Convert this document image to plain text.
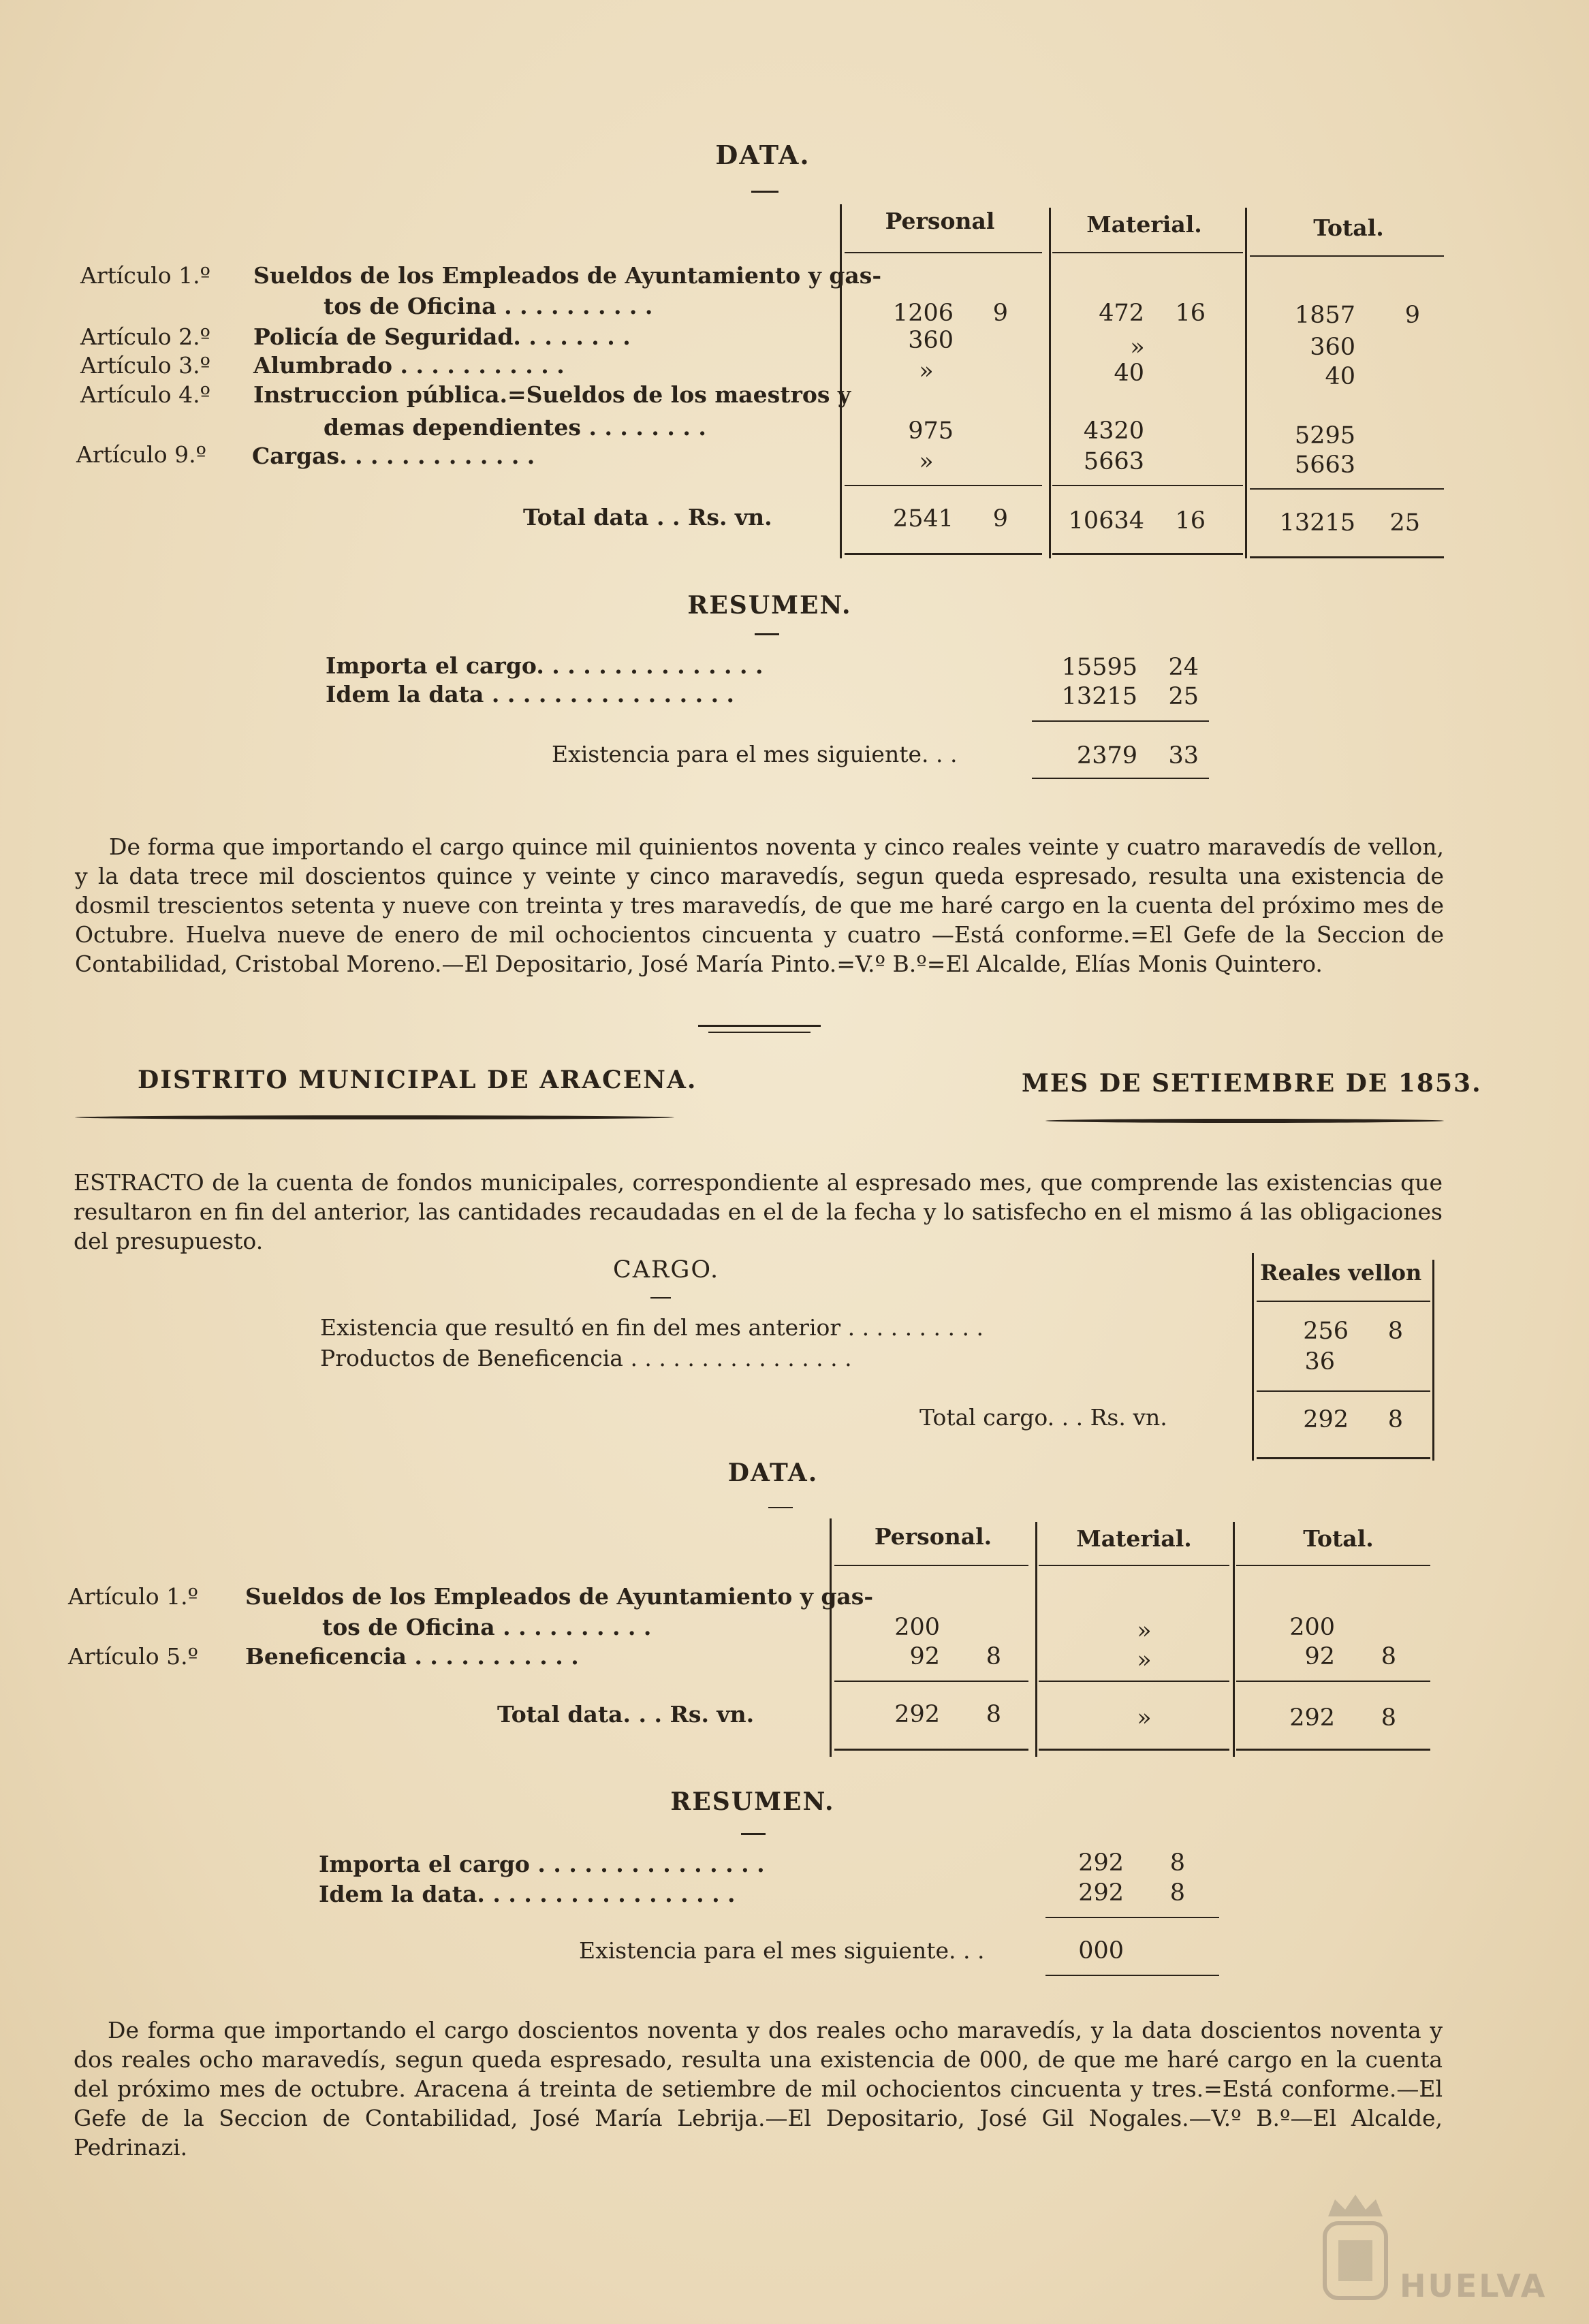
DATA.
Personal	Material.	Total.
Artículo 1.º Sueldos de los Empleados de Ayuntamiento y gas-
tos de Oficina . . . . . . . . . .	1206	9	472	16	1857	9
Artículo 2.º Policía de Seguridad. . . . . . . .	360	»	360
Artículo 3.º Alumbrado . . . . . . . . . . .	»	40	40
Artículo 4.º Instruccion pública.=Sueldos de los maestros y
demas dependientes . . . . . . . .	975	4320	5295
Artículo 9.º Cargas. . . . . . . . . . . . .	»	5663	5663
Total data . . Rs. vn.	2541	9	10634	16	13215 25
RESUMEN.
Importa el cargo. . . . . . . . . . . . . . .	15595	24
Idem la data . . . . . . . . . . . . . . . .	13215	25
Existencia para el mes siguiente. . .	2379	33
De forma que importando el cargo quince mil quinientos noventa y cinco reales veinte y cuatro maravedís de vellon, y la data trece mil doscientos quince y veinte y cinco maravedís, segun queda espresado, resulta una existencia de dosmil trescientos setenta y nueve con treinta y tres maravedís, de que me haré cargo en la cuenta del próximo mes de Octubre. Huelva nueve de enero de mil ochocientos cincuenta y cuatro —Está conforme.=El Gefe de la Seccion de Contabilidad, Cristobal Moreno.—El Depositario, José María Pinto.=V.º B.º=El Alcalde, Elías Monis Quintero.
DISTRITO MUNICIPAL DE ARACENA.	MES DE SETIEMBRE DE 1853.
ESTRACTO de la cuenta de fondos municipales, correspondiente al espresado mes, que comprende las existencias que resultaron en fin del anterior, las cantidades recaudadas en el de la fecha y lo satisfecho en el mismo á las obligaciones del presupuesto.
CARGO.	Reales vellon
Existencia que resultó en fin del mes anterior . . . . . . . . . .	256	8
Productos de Beneficencia . . . . . . . . . . . . . . . .	36
Total cargo. . . Rs. vn.	292	8
DATA.
Personal.	Material.	Total.
Artículo 1.º Sueldos de los Empleados de Ayuntamiento y gas-
tos de Oficina . . . . . . . . . .	200	»	200
Artículo 5.º Beneficencia . . . . . . . . . . .	92	8	»	92	8
Total data. . . Rs. vn.	292	8	»	292	8
RESUMEN.
Importa el cargo . . . . . . . . . . . . . . .	292	8
Idem la data. . . . . . . . . . . . . . . . .	292	8
Existencia para el mes siguiente. . .	000
De forma que importando el cargo doscientos noventa y dos reales ocho maravedís, y la data doscientos noventa y dos reales ocho maravedís, segun queda espresado, resulta una existencia de 000, de que me haré cargo en la cuenta del próximo mes de octubre. Aracena á treinta de setiembre de mil ochocientos cincuenta y tres.=Está conforme.—El Gefe de la Seccion de Contabilidad, José María Lebrija.—El Depositario, José Gil Nogales.—V.º B.º—El Alcalde, Pedrinazi.
HUELVA
